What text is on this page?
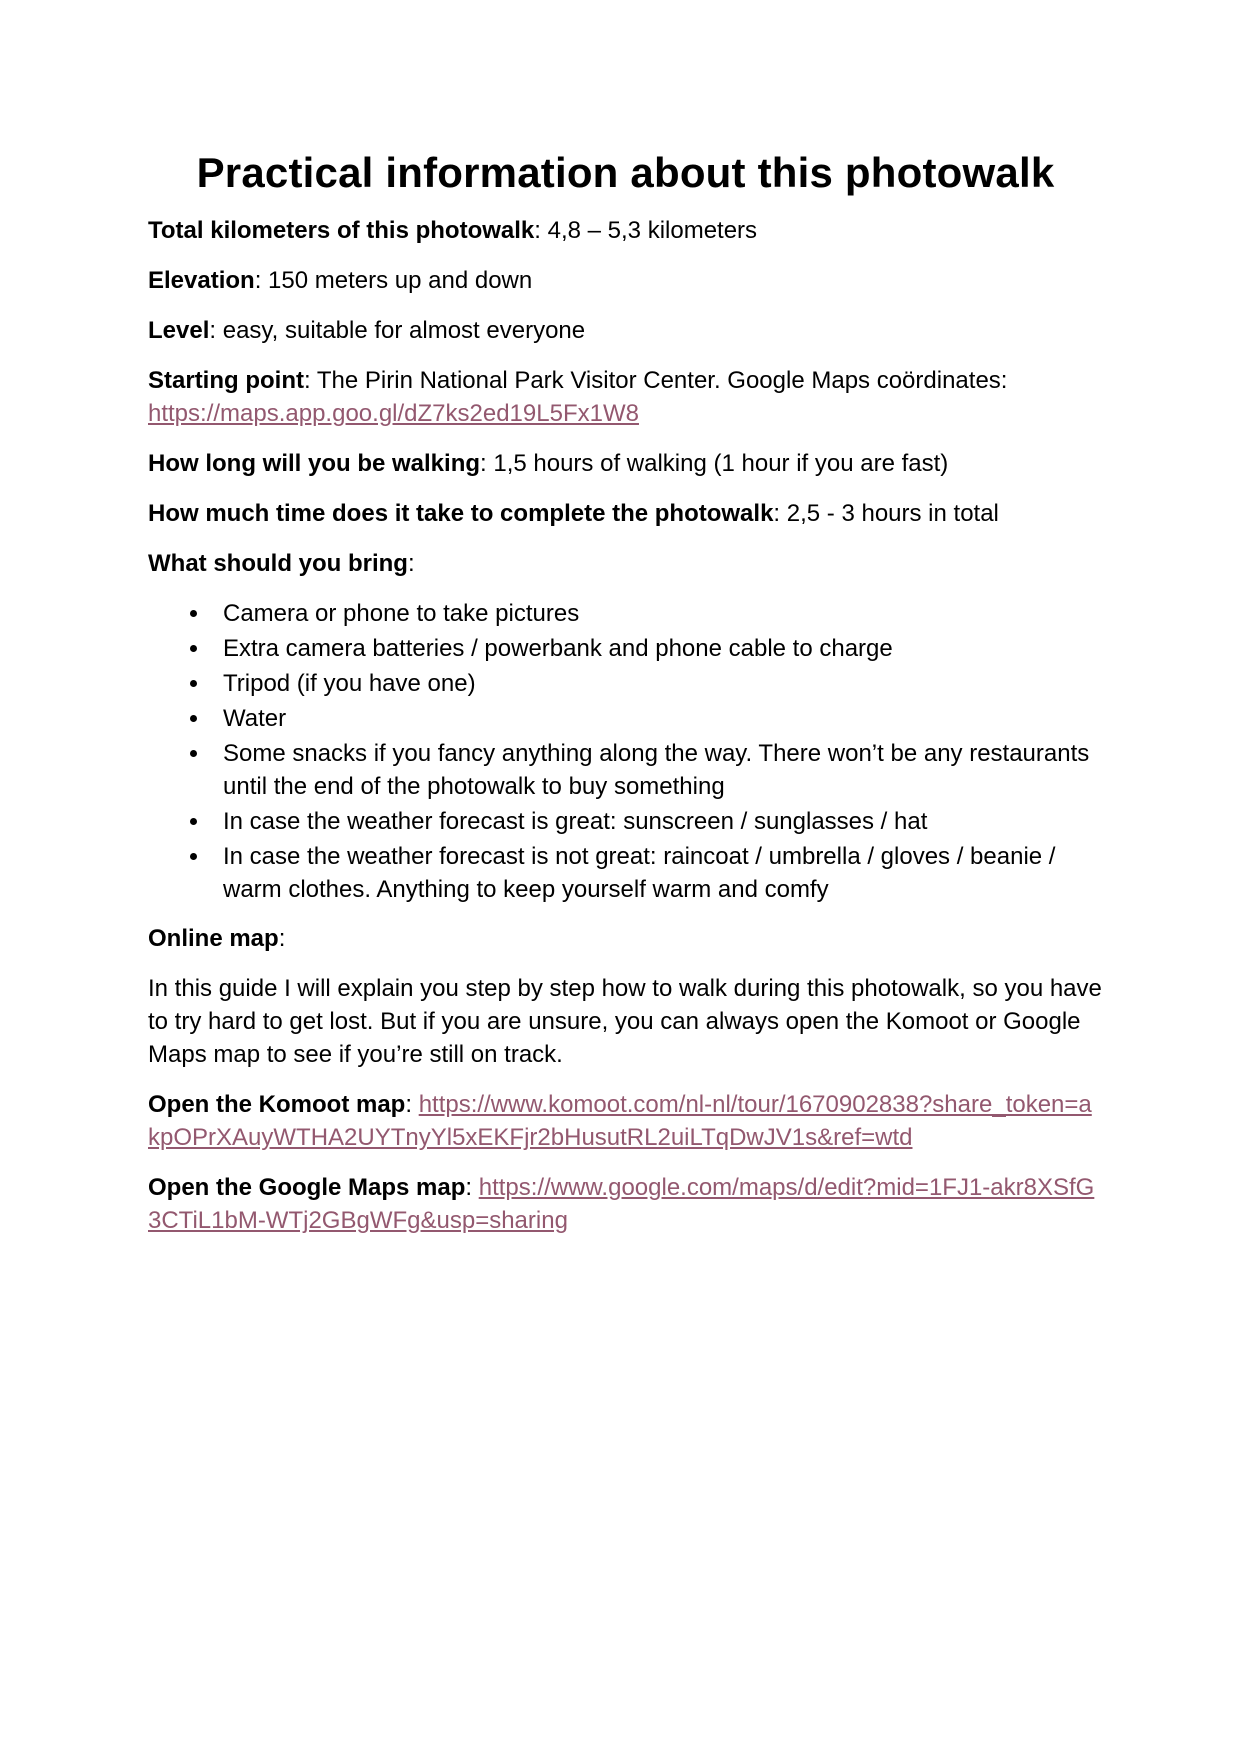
Practical information about this photowalk

Total kilometers of this photowalk: 4,8 – 5,3 kilometers

Elevation: 150 meters up and down

Level: easy, suitable for almost everyone

Starting point: The Pirin National Park Visitor Center. Google Maps coördinates:
https://maps.app.goo.gl/dZ7ks2ed19L5Fx1W8

How long will you be walking: 1,5 hours of walking (1 hour if you are fast)

How much time does it take to complete the photowalk: 2,5 - 3 hours in total

What should you bring:

Camera or phone to take pictures
Extra camera batteries / powerbank and phone cable to charge
Tripod (if you have one)
Water
Some snacks if you fancy anything along the way. There won’t be any restaurants until the end of the photowalk to buy something
In case the weather forecast is great: sunscreen / sunglasses / hat
In case the weather forecast is not great: raincoat / umbrella / gloves / beanie / warm clothes. Anything to keep yourself warm and comfy

Online map:

In this guide I will explain you step by step how to walk during this photowalk, so you have to try hard to get lost. But if you are unsure, you can always open the Komoot or Google Maps map to see if you’re still on track.

Open the Komoot map: https://www.komoot.com/nl-nl/tour/1670902838?share_token=akpOPrXAuyWTHA2UYTnyYl5xEKFjr2bHusutRL2uiLTqDwJV1s&ref=wtd

Open the Google Maps map: https://www.google.com/maps/d/edit?mid=1FJ1-akr8XSfG3CTiL1bM-WTj2GBgWFg&usp=sharing
